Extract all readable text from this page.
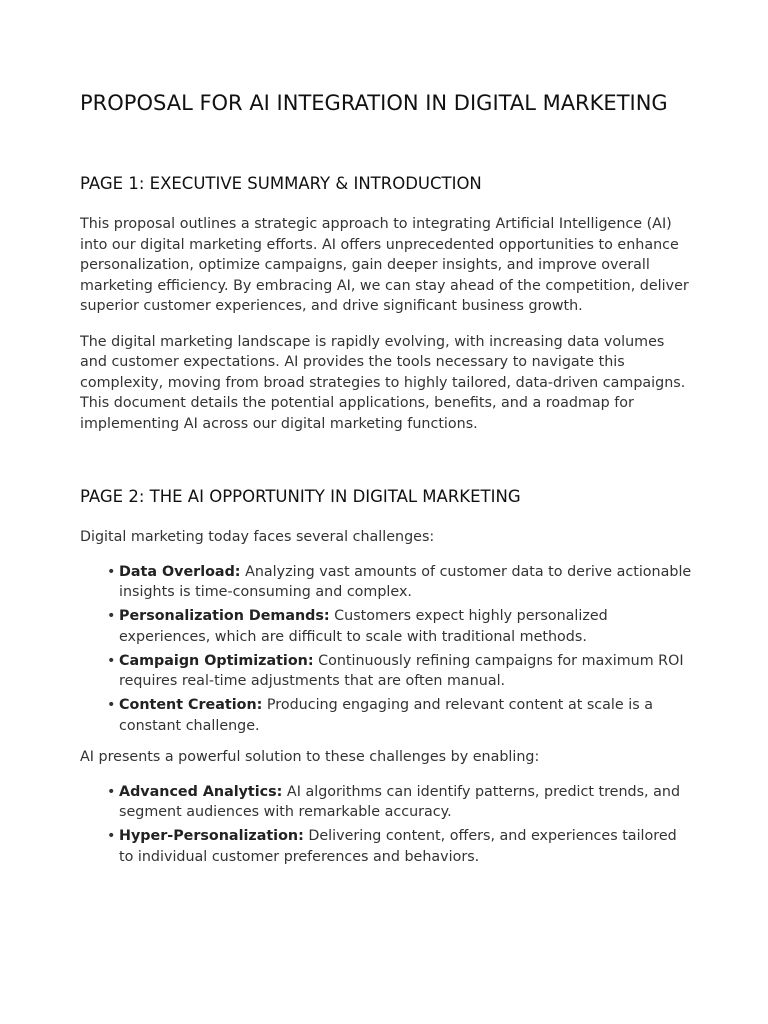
PROPOSAL FOR AI INTEGRATION IN DIGITAL MARKETING
PAGE 1: EXECUTIVE SUMMARY & INTRODUCTION

This proposal outlines a strategic approach to integrating Artificial Intelligence (AI) into our digital marketing efforts. AI offers unprecedented opportunities to enhance personalization, optimize campaigns, gain deeper insights, and improve overall marketing efficiency. By embracing AI, we can stay ahead of the competition, deliver superior customer experiences, and drive significant business growth.

The digital marketing landscape is rapidly evolving, with increasing data volumes and customer expectations. AI provides the tools necessary to navigate this complexity, moving from broad strategies to highly tailored, data-driven campaigns. This document details the potential applications, benefits, and a roadmap for implementing AI across our digital marketing functions.

PAGE 2: THE AI OPPORTUNITY IN DIGITAL MARKETING

Digital marketing today faces several challenges:

• Data Overload: Analyzing vast amounts of customer data to derive actionable insights is time-consuming and complex.
• Personalization Demands: Customers expect highly personalized experiences, which are difficult to scale with traditional methods.
• Campaign Optimization: Continuously refining campaigns for maximum ROI requires real-time adjustments that are often manual.
• Content Creation: Producing engaging and relevant content at scale is a constant challenge.

AI presents a powerful solution to these challenges by enabling:

• Advanced Analytics: AI algorithms can identify patterns, predict trends, and segment audiences with remarkable accuracy.
• Hyper-Personalization: Delivering content, offers, and experiences tailored to individual customer preferences and behaviors.
